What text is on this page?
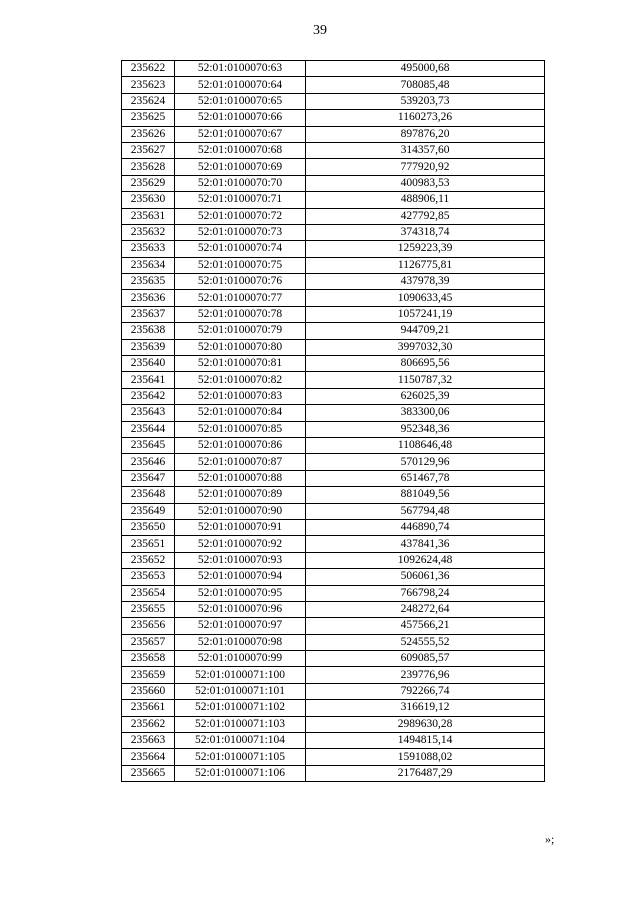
39
235622	52:01:0100070:63	495000,68
235623	52:01:0100070:64	708085,48
235624	52:01:0100070:65	539203,73
235625	52:01:0100070:66	1160273,26
235626	52:01:0100070:67	897876,20
235627	52:01:0100070:68	314357,60
235628	52:01:0100070:69	777920,92
235629	52:01:0100070:70	400983,53
235630	52:01:0100070:71	488906,11
235631	52:01:0100070:72	427792,85
235632	52:01:0100070:73	374318,74
235633	52:01:0100070:74	1259223,39
235634	52:01:0100070:75	1126775,81
235635	52:01:0100070:76	437978,39
235636	52:01:0100070:77	1090633,45
235637	52:01:0100070:78	1057241,19
235638	52:01:0100070:79	944709,21
235639	52:01:0100070:80	3997032,30
235640	52:01:0100070:81	806695,56
235641	52:01:0100070:82	1150787,32
235642	52:01:0100070:83	626025,39
235643	52:01:0100070:84	383300,06
235644	52:01:0100070:85	952348,36
235645	52:01:0100070:86	1108646,48
235646	52:01:0100070:87	570129,96
235647	52:01:0100070:88	651467,78
235648	52:01:0100070:89	881049,56
235649	52:01:0100070:90	567794,48
235650	52:01:0100070:91	446890,74
235651	52:01:0100070:92	437841,36
235652	52:01:0100070:93	1092624,48
235653	52:01:0100070:94	506061,36
235654	52:01:0100070:95	766798,24
235655	52:01:0100070:96	248272,64
235656	52:01:0100070:97	457566,21
235657	52:01:0100070:98	524555,52
235658	52:01:0100070:99	609085,57
235659	52:01:0100071:100	239776,96
235660	52:01:0100071:101	792266,74
235661	52:01:0100071:102	316619,12
235662	52:01:0100071:103	2989630,28
235663	52:01:0100071:104	1494815,14
235664	52:01:0100071:105	1591088,02
235665	52:01:0100071:106	2176487,29
»;
